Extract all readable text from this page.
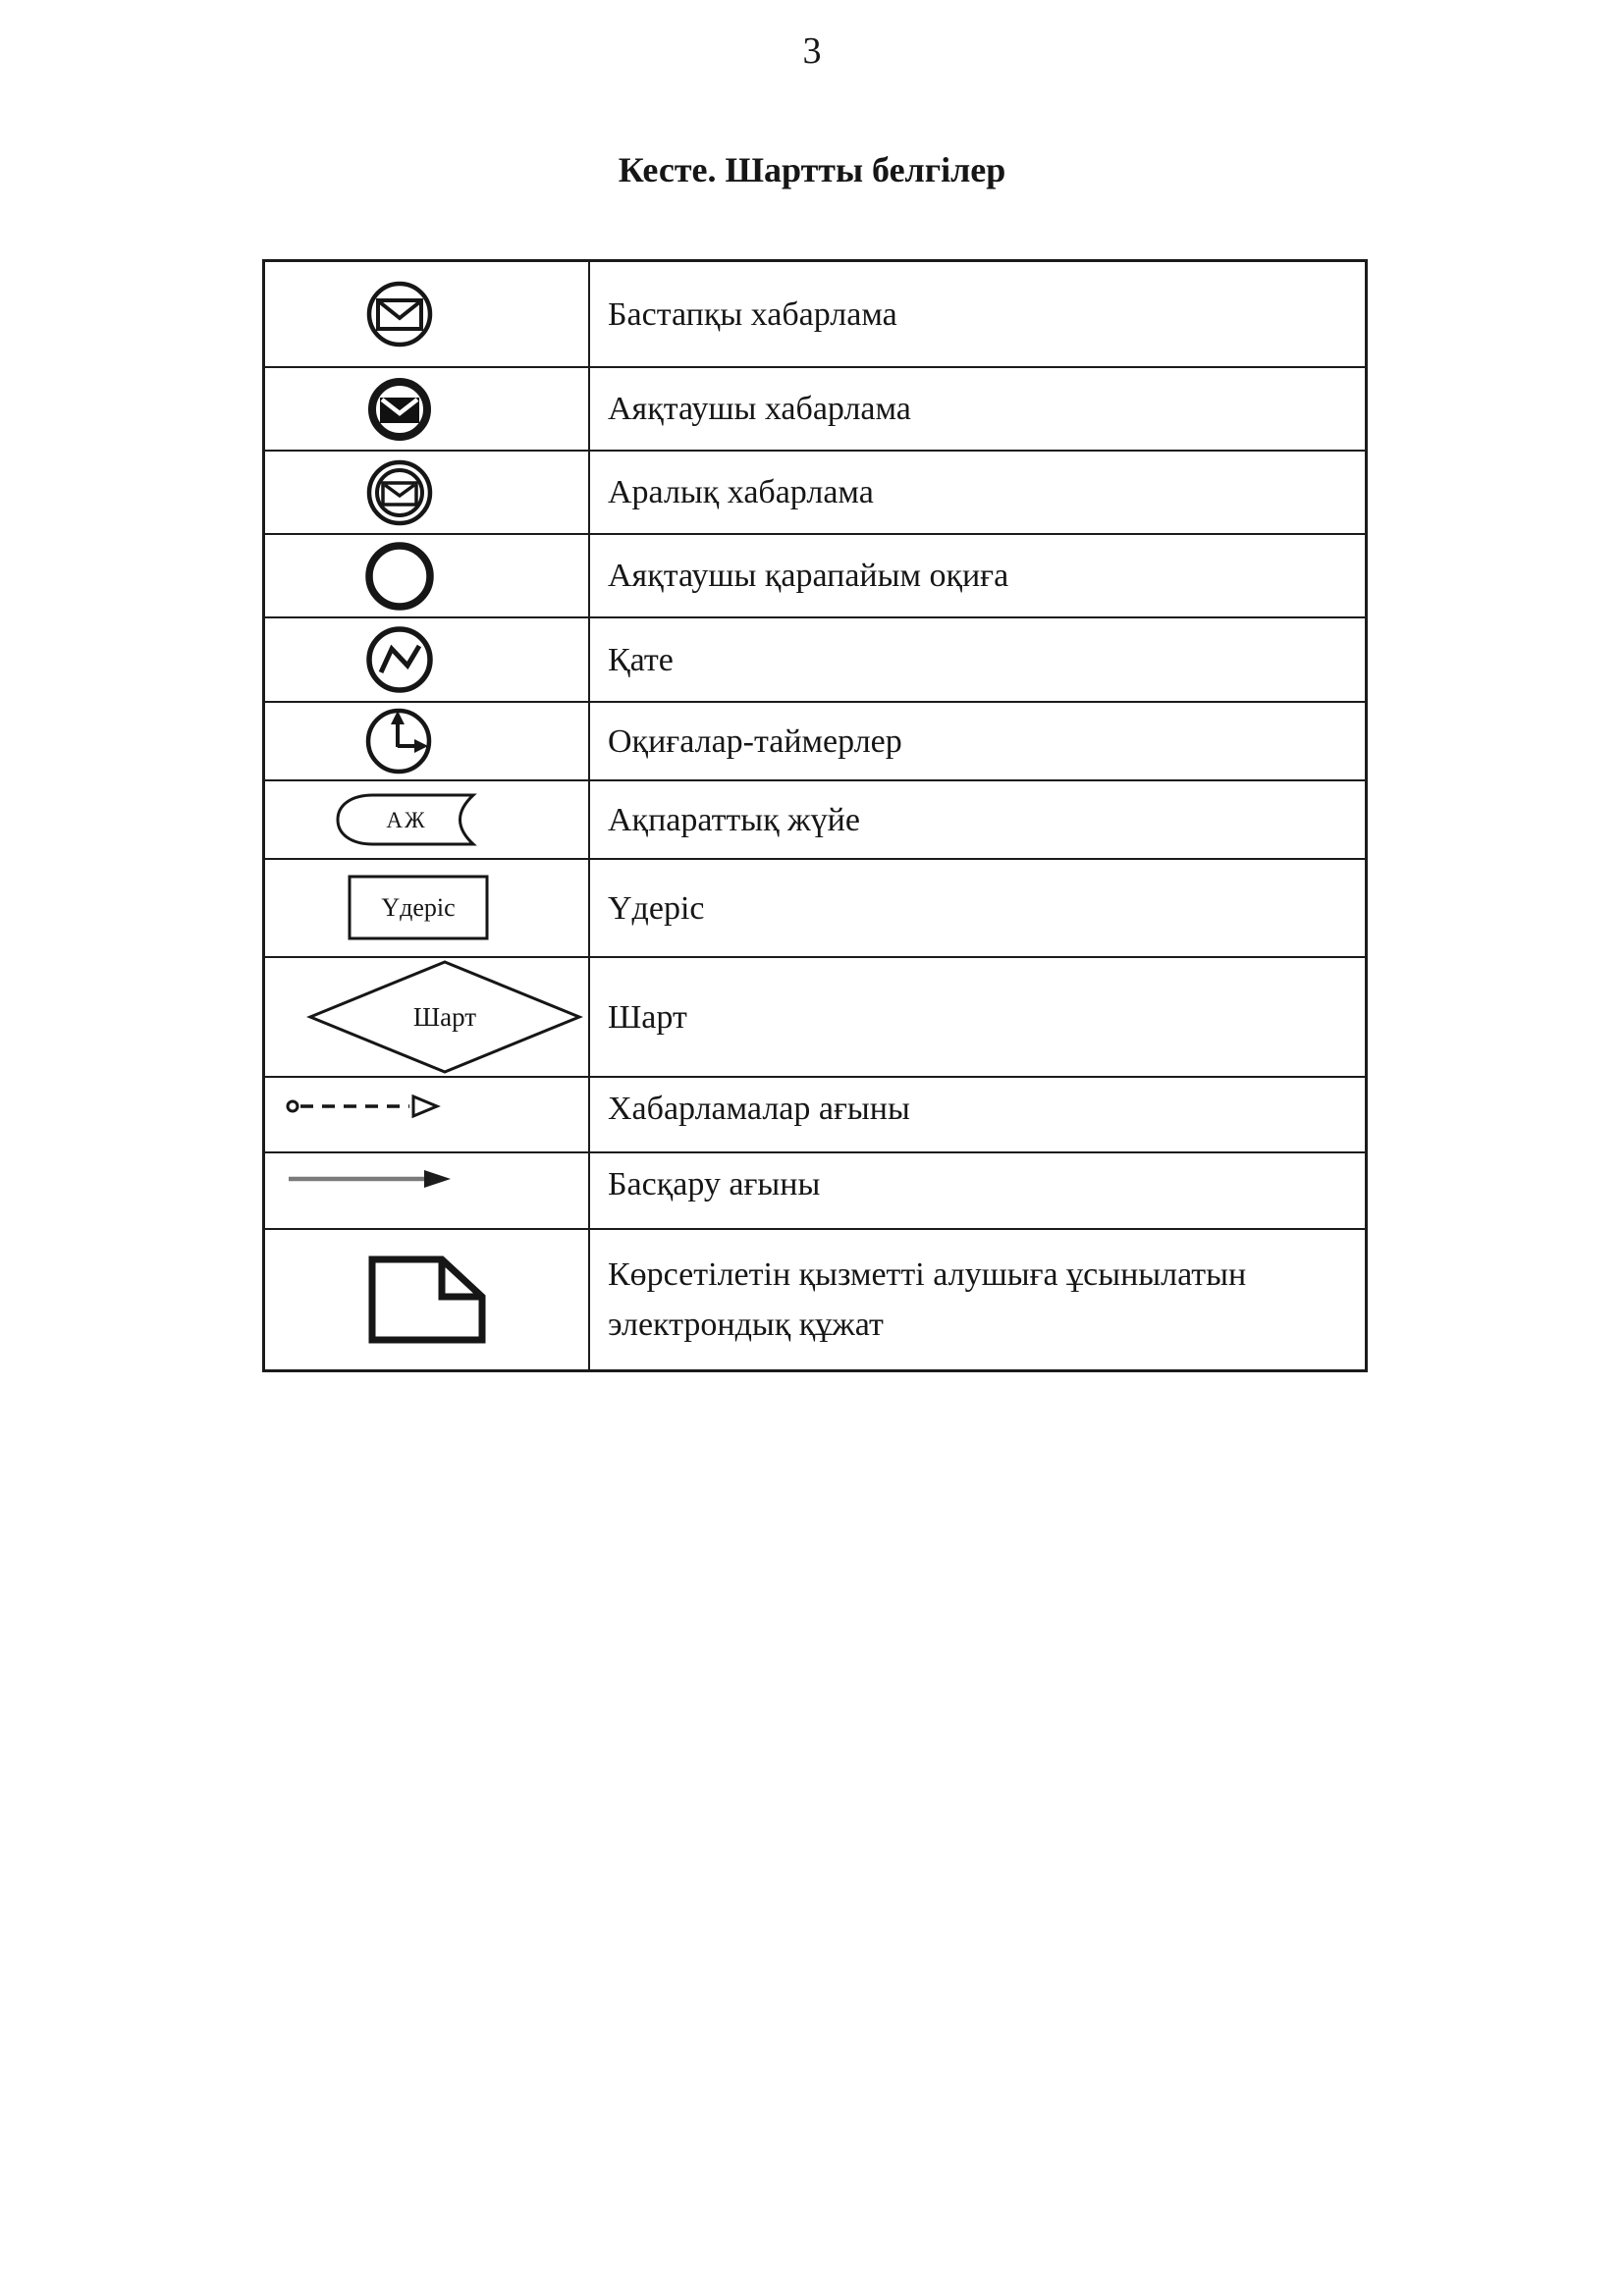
3
Кесте. Шартты белгілер
Бастапқы хабарлама
Аяқтаушы хабарлама
Аралық хабарлама
Аяқтаушы қарапайым оқиға
Қате
Оқиғалар-таймерлер
АЖ	Ақпараттық жүйе
Үдеріс	Үдеріс
Шарт	Шарт
Хабарламалар ағыны
Басқару ағыны
Көрсетілетін қызметті алушыға ұсынылатын электрондық құжат
